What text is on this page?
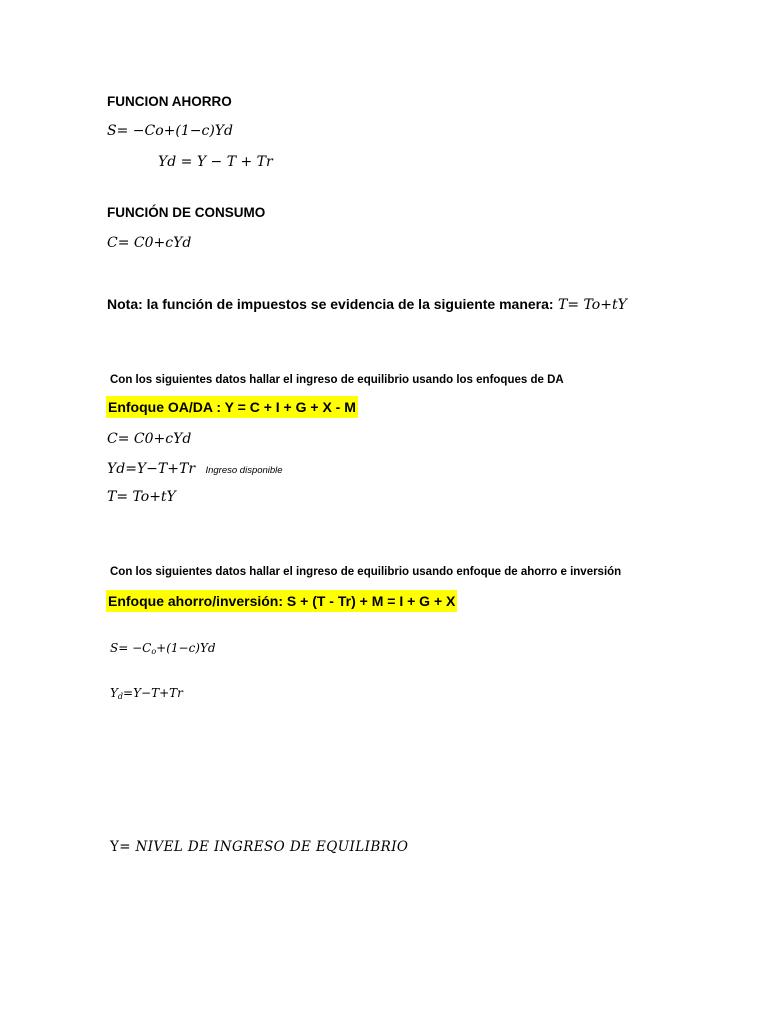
FUNCION AHORRO
S= −Co+(1−c)Yd
Yd = Y − T + Tr
FUNCIÓN DE CONSUMO
C= C0+cYd
Nota: la función de impuestos se evidencia de la siguiente manera: T= To+tY
Con los siguientes datos hallar el ingreso de equilibrio usando los enfoques de DA
Enfoque OA/DA : Y = C + I + G + X - M
C= C0+cYd
Yd=Y−T+Tr Ingreso disponible
T= To+tY
Con los siguientes datos hallar el ingreso de equilibrio usando enfoque de ahorro e inversión
Enfoque ahorro/inversión: S + (T - Tr) + M = I + G + X
$S= -C_o+(1-c)Yd$
$Y_d=Y-T+Tr$
Y= NIVEL DE INGRESO DE EQUILIBRIO
